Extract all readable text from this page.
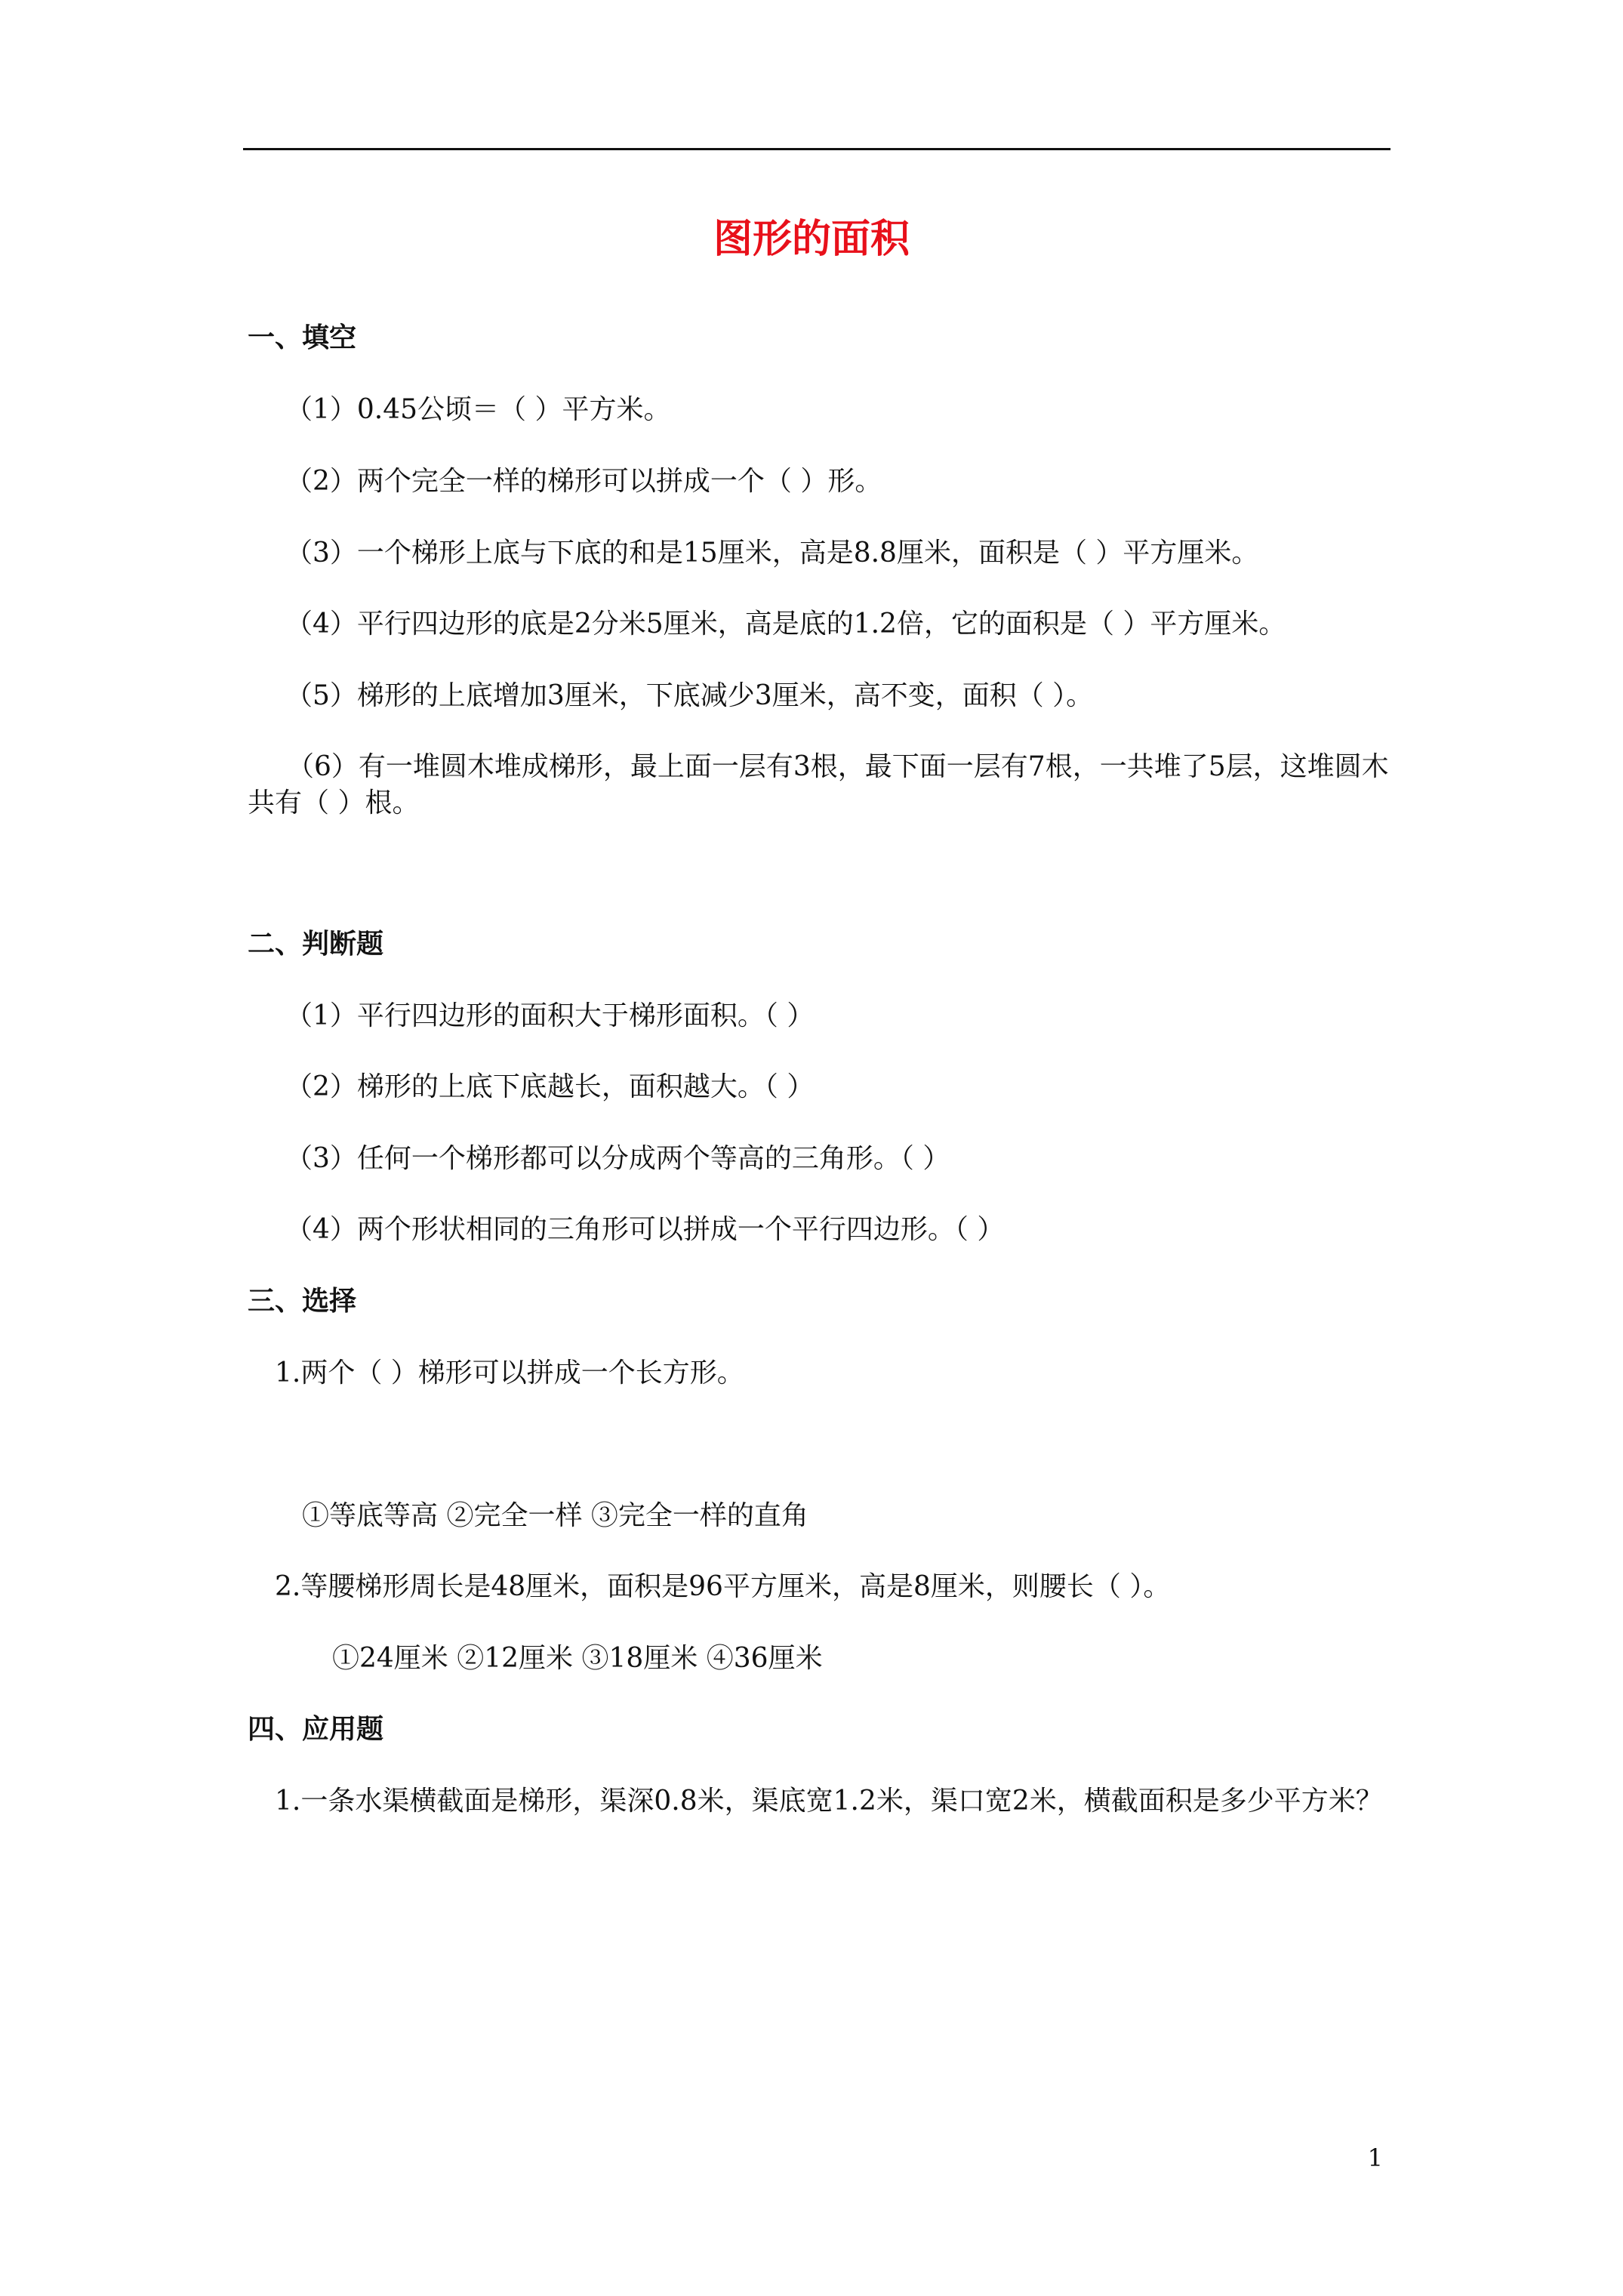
图形的面积
一、填空
（1）0.45公顷＝（ ）平方米。
（2）两个完全一样的梯形可以拼成一个（ ）形。
（3）一个梯形上底与下底的和是15厘米，高是8.8厘米，面积是（ ）平方厘米。
（4）平行四边形的底是2分米5厘米，高是底的1.2倍，它的面积是（ ）平方厘米。
（5）梯形的上底增加3厘米，下底减少3厘米，高不变，面积（ ）。
（6）有一堆圆木堆成梯形，最上面一层有3根，最下面一层有7根，一共堆了5层，这堆圆木共有（ ）根。
二、判断题
（1）平行四边形的面积大于梯形面积。（ ）
（2）梯形的上底下底越长，面积越大。（ ）
（3）任何一个梯形都可以分成两个等高的三角形。（ ）
（4）两个形状相同的三角形可以拼成一个平行四边形。（ ）
三、选择
1.两个（ ）梯形可以拼成一个长方形。
①等底等高 ②完全一样 ③完全一样的直角
2.等腰梯形周长是48厘米，面积是96平方厘米，高是8厘米，则腰长（ ）。
①24厘米 ②12厘米 ③18厘米 ④36厘米
四、应用题
1.一条水渠横截面是梯形，渠深0.8米，渠底宽1.2米，渠口宽2米，横截面积是多少平方米？
1
